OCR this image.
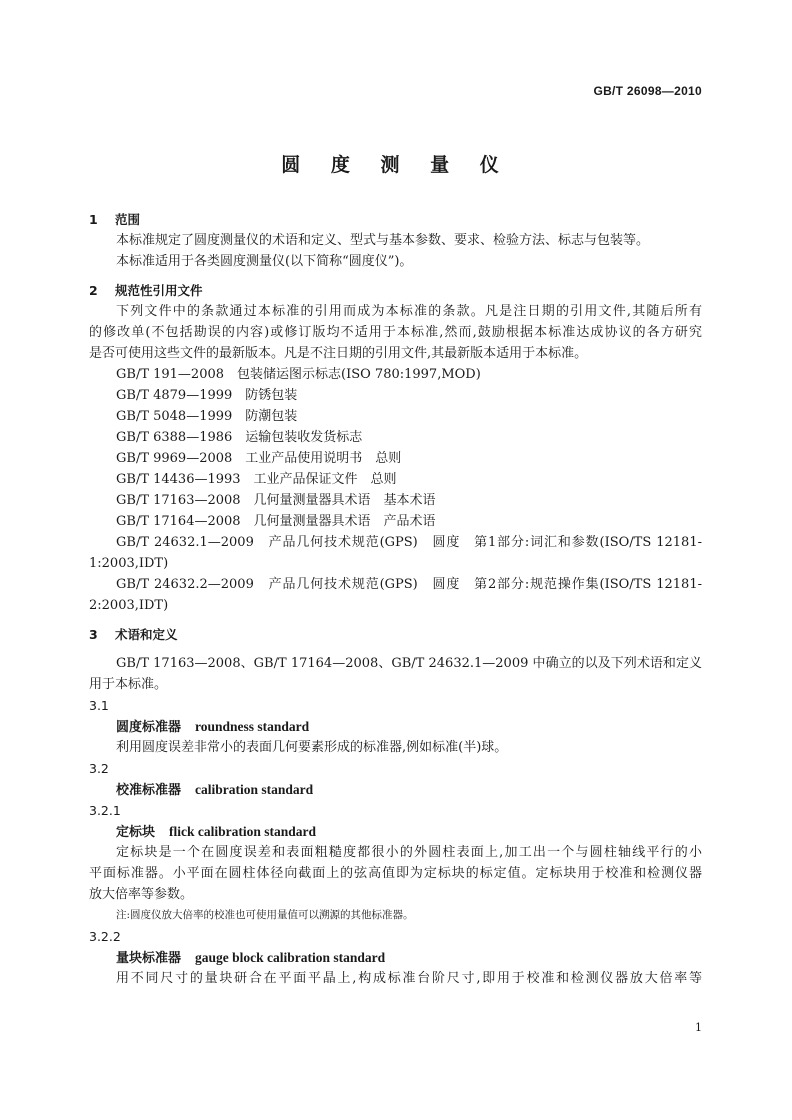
GB/T 26098—2010
圆 度 测 量 仪
1 范围
本标准规定了圆度测量仪的术语和定义、型式与基本参数、要求、检验方法、标志与包装等。
本标准适用于各类圆度测量仪(以下简称“圆度仪”)。
2 规范性引用文件
下列文件中的条款通过本标准的引用而成为本标准的条款。凡是注日期的引用文件,其随后所有
的修改单(不包括勘误的内容)或修订版均不适用于本标准,然而,鼓励根据本标准达成协议的各方研究
是否可使用这些文件的最新版本。凡是不注日期的引用文件,其最新版本适用于本标准。
GB/T 191—2008　包装储运图示标志(ISO 780:1997,MOD)
GB/T 4879—1999　防锈包装
GB/T 5048—1999　防潮包装
GB/T 6388—1986　运输包装收发货标志
GB/T 9969—2008　工业产品使用说明书　总则
GB/T 14436—1993　工业产品保证文件　总则
GB/T 17163—2008　几何量测量器具术语　基本术语
GB/T 17164—2008　几何量测量器具术语　产品术语
GB/T 24632.1—2009　产品几何技术规范(GPS)　圆度　第1部分:词汇和参数(ISO/TS 12181-
1:2003,IDT)
GB/T 24632.2—2009　产品几何技术规范(GPS)　圆度　第2部分:规范操作集(ISO/TS 12181-
2:2003,IDT)
3 术语和定义
GB/T 17163—2008、GB/T 17164—2008、GB/T 24632.1—2009 中确立的以及下列术语和定义
用于本标准。
3.1
圆度标准器 roundness standard
利用圆度误差非常小的表面几何要素形成的标准器,例如标准(半)球。
3.2
校准标准器 calibration standard
3.2.1
定标块 flick calibration standard
定标块是一个在圆度误差和表面粗糙度都很小的外圆柱表面上,加工出一个与圆柱轴线平行的小
平面标准器。小平面在圆柱体径向截面上的弦高值即为定标块的标定值。定标块用于校准和检测仪器
放大倍率等参数。
注:圆度仪放大倍率的校准也可使用量值可以溯源的其他标准器。
3.2.2
量块标准器 gauge block calibration standard
用不同尺寸的量块研合在平面平晶上,构成标准台阶尺寸,即用于校准和检测仪器放大倍率等
1
